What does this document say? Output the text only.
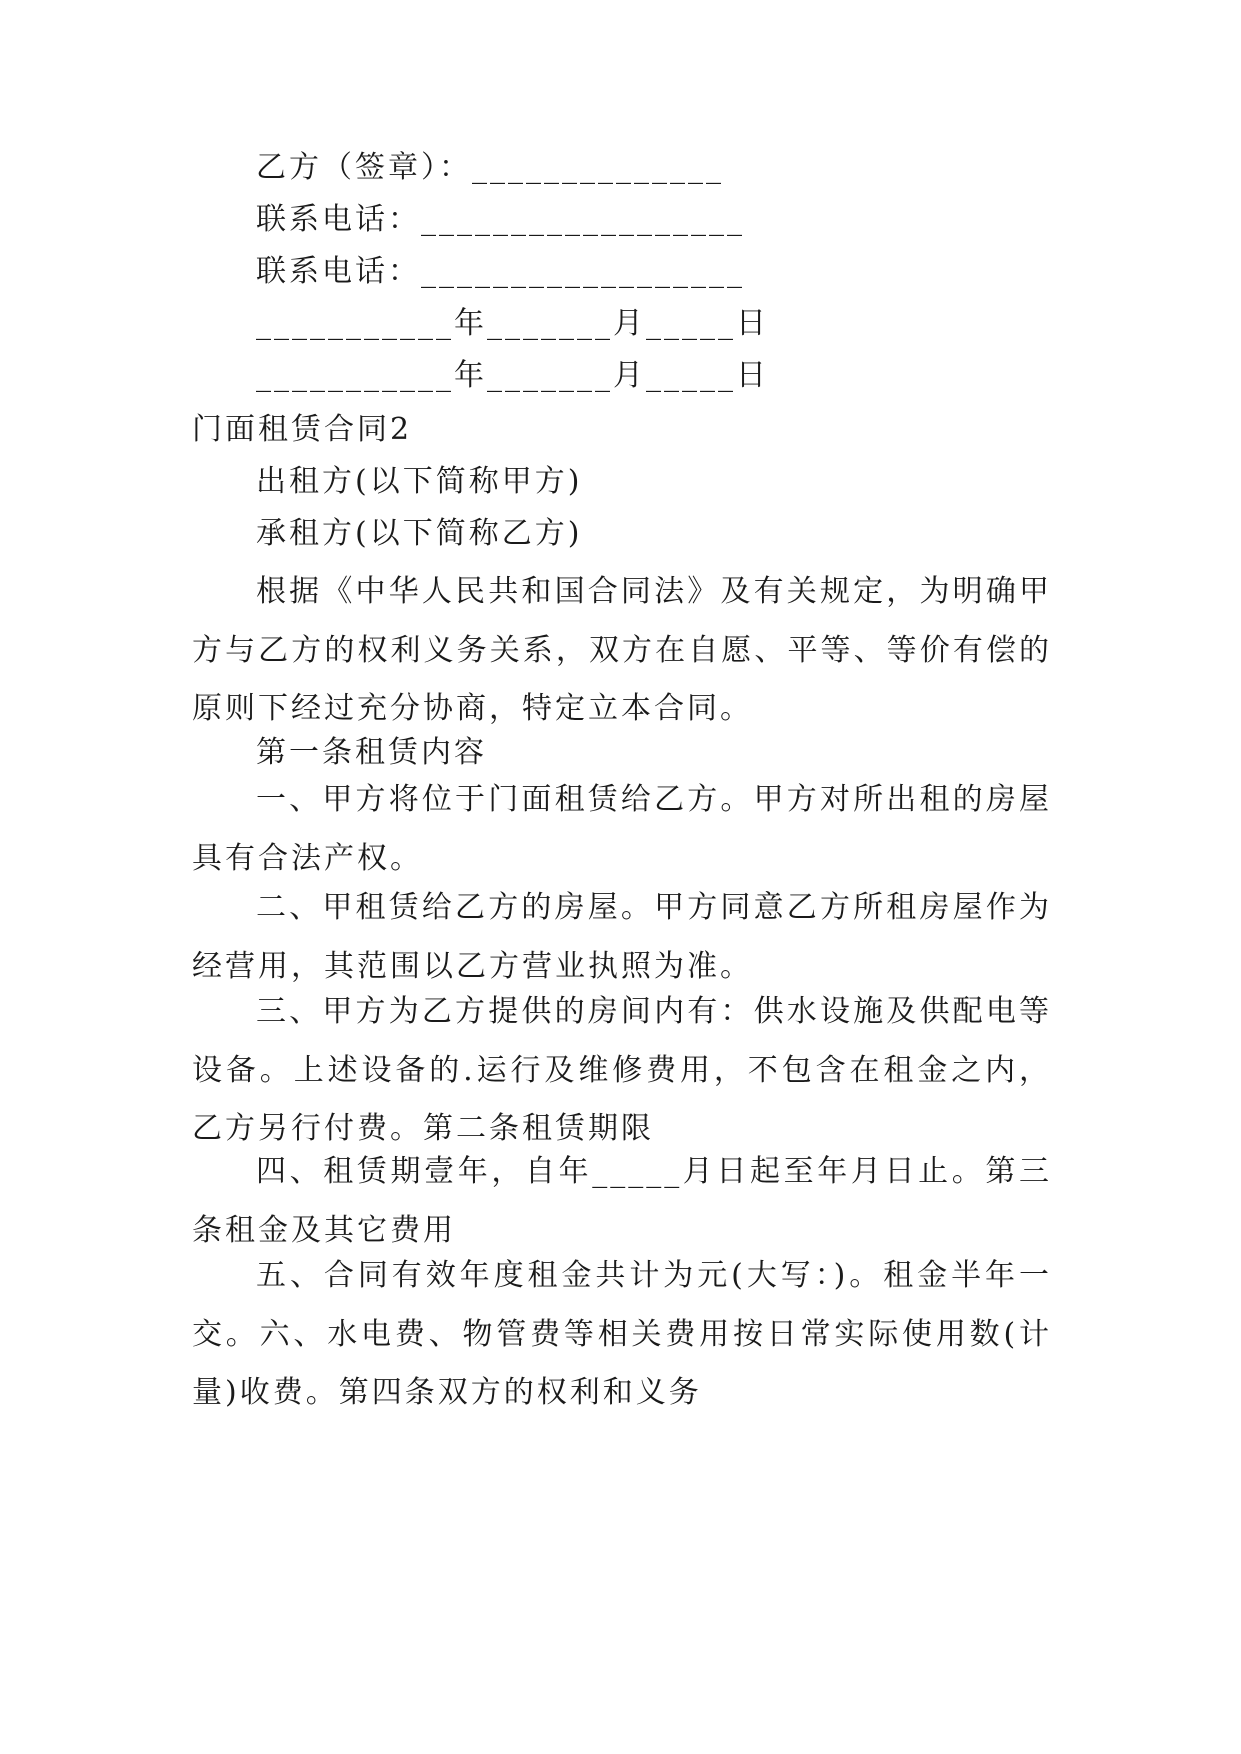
乙方（签章）：______________
联系电话：__________________
联系电话：__________________
___________年_______月_____日
___________年_______月_____日
门面租赁合同2
出租方(以下简称甲方)
承租方(以下简称乙方)

根据《中华人民共和国合同法》及有关规定，为明确甲方与乙方的权利义务关系，双方在自愿、平等、等价有偿的原则下经过充分协商，特定立本合同。

第一条租赁内容

一、甲方将位于门面租赁给乙方。甲方对所出租的房屋具有合法产权。

二、甲租赁给乙方的房屋。甲方同意乙方所租房屋作为经营用，其范围以乙方营业执照为准。

三、甲方为乙方提供的房间内有：供水设施及供配电等设备。上述设备的.运行及维修费用，不包含在租金之内，乙方另行付费。第二条租赁期限

四、租赁期壹年，自年_____月日起至年月日止。第三条租金及其它费用

五、合同有效年度租金共计为元(大写：)。租金半年一交。六、水电费、物管费等相关费用按日常实际使用数(计量)收费。第四条双方的权利和义务
